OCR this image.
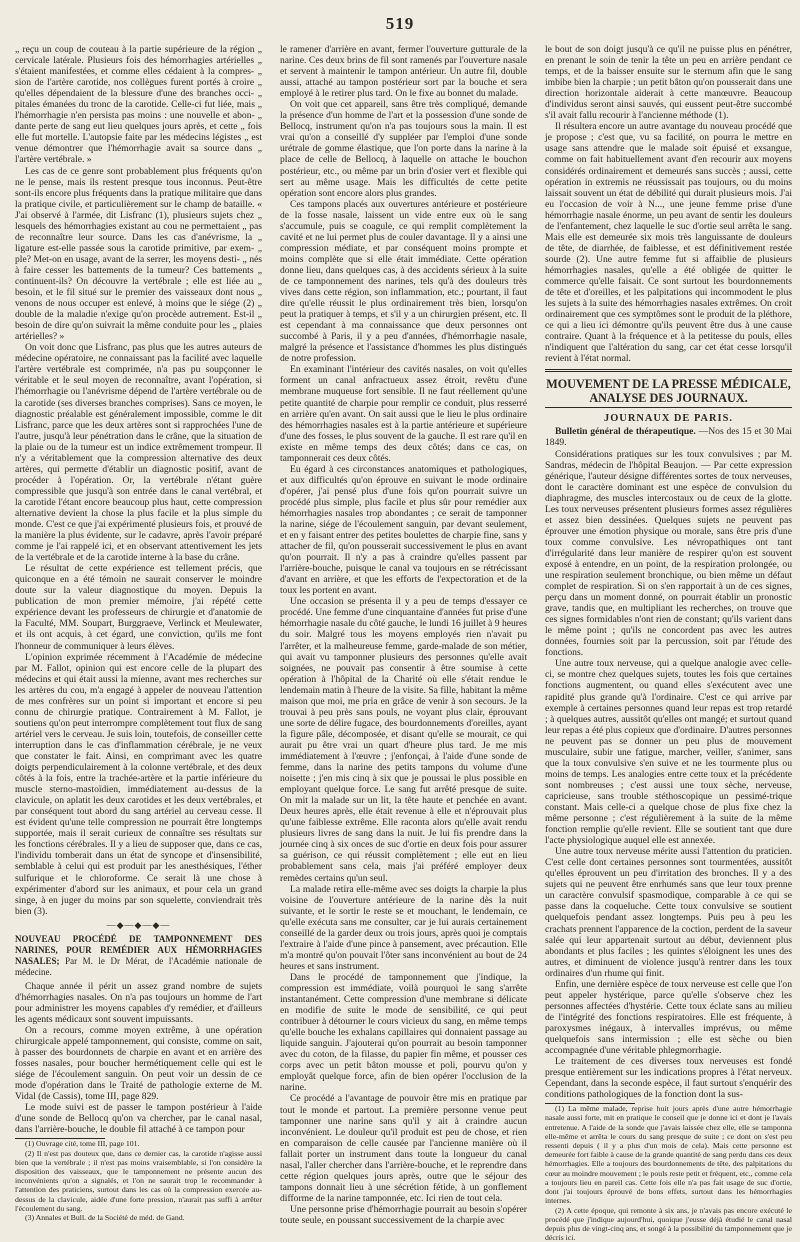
519

„ reçu un coup de couteau à la partie supérieure de la région „ cervicale latérale. Plusieurs fois des hémorrhagies artérielles „ s'étaient manifestées, et comme elles cédaient à la compres- „ sion de l'artère carotide, nos collègues furent portés à croire „ qu'elles dépendaient de la blessure d'une des branches occi- „ pitales émanées du tronc de la carotide. Celle-ci fut liée, mais „ l'hémorrhagie n'en persista pas moins : une nouvelle et abon- „ dante perte de sang eut lieu quelques jours après, et cette „ fois elle fut mortelle. L'autopsie faite par les médecins légistes „ est venue démontrer que l'hémorrhagie avait sa source dans „ l'artère vertébrale. »

Les cas de ce genre sont probablement plus fréquents qu'on ne le pense, mais ils restent presque tous inconnus. Peut-être sont-ils encore plus fréquents dans la pratique militaire que dans la pratique civile, et particulièrement sur le champ de bataille. « J'ai observé à l'armée, dit Lisfranc (1), plusieurs sujets chez „ lesquels des hémorrhagies existant au cou ne permettaient „ pas de reconnaître leur source. Dans les cas d'anévrisme, la „ ligature est-elle passée sous la carotide primitive, par exem- „ ple? Met-on en usage, avant de la serrer, les moyens desti- „ nés à faire cesser les battements de la tumeur? Ces battements „ continuent-ils? On découvre la vertébrale ; elle est liée au „ besoin, et le fil situé sur le premier des vaisseaux dont nous „ venons de nous occuper est enlevé, à moins que le siége (2) „ double de la maladie n'exige qu'on procède autrement. Est-il „ besoin de dire qu'on suivrait la même conduite pour les „ plaies artérielles? »

On voit donc que Lisfranc, pas plus que les autres auteurs de médecine opératoire, ne connaissant pas la facilité avec laquelle l'artère vertébrale est comprimée, n'a pas pu soupçonner le véritable et le seul moyen de reconnaître, avant l'opération, si l'hémorrhagie ou l'anévrisme dépend de l'artère vertébrale ou de la carotide (ses diverses branches comprises). Sans ce moyen, le diagnostic préalable est généralement impossible, comme le dit Lisfranc, parce que les deux artères sont si rapprochées l'une de l'autre, jusqu'à leur pénétration dans le crâne, que la situation de la plaie ou de la tumeur est un indice extrêmement trompeur. Il n'y a véritablement que la compression alternative des deux artères, qui permette d'établir un diagnostic positif, avant de procéder à l'opération. Or, la vertébrale n'étant guère compressible que jusqu'à son entrée dans le canal vertébral, et la carotide l'étant encore beaucoup plus haut, cette compression alternative devient la chose la plus facile et la plus simple du monde. C'est ce que j'ai expérimenté plusieurs fois, et prouvé de la manière la plus évidente, sur le cadavre, après l'avoir préparé comme je l'ai rappelé ici, et en observant attentivement les jets de la vertébrale et de la carotide interne à la base du crâne.

Le résultat de cette expérience est tellement précis, que quiconque en a été témoin ne saurait conserver le moindre doute sur la valeur diagnostique du moyen. Depuis la publication de mon premier mémoire, j'ai répété cette expérience devant les professeurs de chirurgie et d'anatomie de la Faculté, MM. Soupart, Burggraeve, Verlinck et Meulewater, et ils ont acquis, à cet égard, une conviction, qu'ils me font l'honneur de communiquer à leurs élèves.

L'opinion exprimée récemment à l'Académie de médecine par M. Fallot, opinion qui est encore celle de la plupart des médecins et qui était aussi la mienne, avant mes recherches sur les artères du cou, m'a engagé à appeler de nouveau l'attention de mes confrères sur un point si important et encore si peu connu de chirurgie pratique. Contrairement à M. Fallot, je soutiens qu'on peut interrompre complètement tout flux de sang artériel vers le cerveau. Je suis loin, toutefois, de conseiller cette interruption dans le cas d'inflammation cérébrale, je ne veux que constater le fait. Ainsi, en comprimant avec les quatre doigts perpendiculairement à la colonne vertébrale, et des deux côtés à la fois, entre la trachée-artère et la partie inférieure du muscle sterno-mastoïdien, immédiatement au-dessus de la clavicule, on aplatit les deux carotides et les deux vertébrales, et par conséquent tout abord du sang artériel au cerveau cesse. Il est évident qu'une telle compression ne pourrait être longtemps supportée, mais il serait curieux de connaître ses résultats sur les fonctions cérébrales. Il y a lieu de supposer que, dans ce cas, l'individu tomberait dans un état de syncope et d'insensibilité, semblable à celui qui est produit par les anesthésiques, l'éther sulfurique et le chloroforme. Ce serait là une chose à expérimenter d'abord sur les animaux, et pour cela un grand singe, à en juger du moins par son squelette, conviendrait très bien (3).

—◆—◆—◆—
NOUVEAU PROCÉDÉ DE TAMPONNEMENT DES NARINES, POUR REMÉDIER AUX HÉMORRHAGIES NASALES; Par M. le Dr Mérat, de l'Académie nationale de médecine.

Chaque année il périt un assez grand nombre de sujets d'hémorrhagies nasales. On n'a pas toujours un homme de l'art pour administrer les moyens capables d'y remédier, et d'ailleurs les agents médicaux sont souvent impuissants.

On a recours, comme moyen extrême, à une opération chirurgicale appelé tamponnement, qui consiste, comme on sait, à passer des bourdonnets de charpie en avant et en arrière des fosses nasales, pour boucher hermétiquement celle qui est le siége de l'écoulement sanguin. On peut voir un dessin de ce mode d'opération dans le Traité de pathologie externe de M. Vidal (de Cassis), tome III, page 829.

Le mode suivi est de passer le tampon postérieur à l'aide d'une sonde de Bellocq qu'on va chercher, par le canal nasal, dans l'arrière-bouche, le double fil attaché à ce tampon pour

(1) Ouvrage cité, tome III, page 101.

(2) Il n'est pas douteux que, dans ce dernier cas, la carotide n'agisse aussi bien que la vertébrale ; il n'est pas moins vraisemblable, si l'on considère la disposition des vaisseaux, que le tamponnement ne présente aucun des inconvénients qu'on a signalés, et l'on ne saurait trop le recommander à l'attention des praticiens, surtout dans les cas où la compression exercée au-dessus de la clavicule, aidée d'une forte pression, n'aurait pas suffi à arrêter l'écoulement du sang.

(3) Annales et Bull. de la Société de méd. de Gand.

le ramener d'arrière en avant, fermer l'ouverture gutturale de la narine. Ces deux brins de fil sont ramenés par l'ouverture nasale et servent à maintenir le tampon antérieur. Un autre fil, double aussi, attaché au tampon postérieur sort par la bouche et sera employé à le retirer plus tard. On le fixe au bonnet du malade.

On voit que cet appareil, sans être très compliqué, demande la présence d'un homme de l'art et la possession d'une sonde de Bellocq, instrument qu'on n'a pas toujours sous la main. Il est vrai qu'on a conseillé d'y suppléer par l'emploi d'une sonde urétrale de gomme élastique, que l'on porte dans la narine à la place de celle de Bellocq, à laquelle on attache le bouchon postérieur, etc., ou même par un brin d'osier vert et flexible qui sert au même usage. Mais les difficultés de cette petite opération sont encore alors plus grandes.

Ces tampons placés aux ouvertures antérieure et postérieure de la fosse nasale, laissent un vide entre eux où le sang s'accumule, puis se coagule, ce qui remplit complètement la cavité et ne lui permet plus de couler davantage. Il y a ainsi une compression médiate, et par conséquent moins prompte et moins complète que si elle était immédiate. Cette opération donne lieu, dans quelques cas, à des accidents sérieux à la suite de ce tamponnement des narines, tels qu'à des douleurs très vives dans cette région, son inflammation, etc.; pourtant, il faut dire qu'elle réussit le plus ordinairement très bien, lorsqu'on peut la pratiquer à temps, et s'il y a un chirurgien présent, etc. Il est cependant à ma connaissance que deux personnes ont succombé à Paris, il y a peu d'années, d'hémorrhagie nasale, malgré la présence et l'assistance d'hommes les plus distingués de notre profession.

En examinant l'intérieur des cavités nasales, on voit qu'elles forment un canal anfractueux assez étroit, revêtu d'une membrane muqueuse fort sensible. Il ne faut réellement qu'une petite quantité de charpie pour remplir ce conduit, plus resserré en arrière qu'en avant. On sait aussi que le lieu le plus ordinaire des hémorrhagies nasales est à la partie antérieure et supérieure d'une des fosses, le plus souvent de la gauche. Il est rare qu'il en existe en même temps des deux côtés; dans ce cas, on tamponnerait ces deux côtés.

Eu égard à ces circonstances anatomiques et pathologiques, et aux difficultés qu'on éprouve en suivant le mode ordinaire d'opérer, j'ai pensé plus d'une fois qu'on pourrait suivre un procédé plus simple, plus facile et plus sûr pour remédier aux hémorrhagies nasales trop abondantes ; ce serait de tamponner la narine, siége de l'écoulement sanguin, par devant seulement, et en y faisant entrer des petites boulettes de charpie fine, sans y attacher de fil, qu'on pousserait successivement le plus en avant qu'on pourrait. Il n'y a pas à craindre qu'elles passent par l'arrière-bouche, puisque le canal va toujours en se rétrécissant d'avant en arrière, et que les efforts de l'expectoration et de la toux les portent en avant.

Une occasion se présenta il y a peu de temps d'essayer ce procédé. Une femme d'une cinquantaine d'années fut prise d'une hémorrhagie nasale du côté gauche, le lundi 16 juillet à 9 heures du soir. Malgré tous les moyens employés rien n'avait pu l'arrêter, et la malheureuse femme, garde-malade de son métier, qui avait vu tamponner plusieurs des personnes qu'elle avait soignées, ne pouvait pas consentir à être soumise à cette opération à l'hôpital de la Charité où elle s'était rendue le lendemain matin à l'heure de la visite. Sa fille, habitant la même maison que moi, me pria en grâce de venir à son secours. Je la trouvai à peu près sans pouls, ne voyant plus clair, éprouvant une sorte de délire fugace, des bourdonnements d'oreilles, ayant la figure pâle, décomposée, et disant qu'elle se mourait, ce qui aurait pu être vrai un quart d'heure plus tard. Je me mis immédiatement à l'œuvre ; j'enfonçai, à l'aide d'une sonde de femme, dans la narine des petits tampons du volume d'une noisette ; j'en mis cinq à six que je poussai le plus possible en employant quelque force. Le sang fut arrêté presque de suite. On mit la malade sur un lit, la tête haute et penchée en avant. Deux heures après, elle était revenue à elle et n'éprouvait plus qu'une faiblesse extrême. Elle raconta alors qu'elle avait rendu plusieurs livres de sang dans la nuit. Je lui fis prendre dans la journée cinq à six onces de suc d'ortie en deux fois pour assurer sa guérison, ce qui réussit complètement ; elle eut en lieu probablement sans cela, mais j'ai préféré employer deux remèdes certains qu'un seul.

La malade retira elle-même avec ses doigts la charpie la plus voisine de l'ouverture antérieure de la narine dès la nuit suivante, et le sortir le reste se et mouchant, le lendemain, ce qu'elle exécuta sans me consulter, car je lui aurais certainement conseillé de la garder deux ou trois jours, après quoi je comptais l'extraire à l'aide d'une pince à pansement, avec précaution. Elle m'a montré qu'on pouvait l'ôter sans inconvénient au bout de 24 heures et sans instrument.

Dans le procédé de tamponnement que j'indique, la compression est immédiate, voilà pourquoi le sang s'arrête instantanément. Cette compression d'une membrane si délicate en modifie de suite le mode de sensibilité, ce qui peut contribuer à détourner le cours vicieux du sang, en même temps qu'elle bouche les exhalans capillaires qui donnaient passage au liquide sanguin. J'ajouterai qu'on pourrait au besoin tamponner avec du coton, de la filasse, du papier fin même, et pousser ces corps avec un petit bâton mousse et poli, pourvu qu'on y employât quelque force, afin de bien opérer l'occlusion de la narine.

Ce procédé a l'avantage de pouvoir être mis en pratique par tout le monde et partout. La première personne venue peut tamponner une narine sans qu'il y ait à craindre aucun inconvénient. Le douleur qu'il produit est peu de chose, et rien en comparaison de celle causée par l'ancienne manière où il fallait porter un instrument dans toute la longueur du canal nasal, l'aller chercher dans l'arrière-bouche, et le reprendre dans cette région quelques jours après, outre que le séjour des tampons donnait lieu à une sécrétion fétide, à un gonflement difforme de la narine tamponnée, etc. Ici rien de tout cela.

Une personne prise d'hémorrhagie pourrait au besoin s'opérer toute seule, en poussant successivement de la charpie avec

le bout de son doigt jusqu'à ce qu'il ne puisse plus en pénétrer, en prenant le soin de tenir la tête un peu en arrière pendant ce temps, et de la baisser ensuite sur le sternum afin que le sang imbibe bien la charpie ; un petit bâton qu'on pousserait dans une direction horizontale aiderait à cette manœuvre. Beaucoup d'individus seront ainsi sauvés, qui eussent peut-être succombé s'il avait fallu recourir à l'ancienne méthode (1).

Il résultera encore un autre avantage du nouveau procédé que je propose ; c'est que, vu sa facilité, on pourra le mettre en usage sans attendre que le malade soit épuisé et exsangue, comme on fait habituellement avant d'en recourir aux moyens considérés ordinairement et demeurés sans succès ; aussi, cette opération in extremis ne réussissait pas toujours, ou du moins laissait souvent un état de débilité qui durait plusieurs mois. J'ai eu l'occasion de voir à N..., une jeune femme prise d'une hémorrhagie nasale énorme, un peu avant de sentir les douleurs de l'enfantement, chez laquelle le suc d'ortie seul arrêta le sang. Mais elle est demeurée six mois très languissante de douleurs de tête, de diarrhée, de faiblesse, et est définitivement restée sourde (2). Une autre femme fut si affaiblie de plusieurs hémorrhagies nasales, qu'elle a été obligée de quitter le commerce qu'elle faisait. Ce sont surtout les bourdonnements de tête et d'oreilles, et les palpitations qui incommodent le plus les sujets à la suite des hémorrhagies nasales extrêmes. On croit ordinairement que ces symptômes sont le produit de la pléthore, ce qui a lieu ici démontre qu'ils peuvent être dus à une cause contraire. Quant à la fréquence et à la petitesse du pouls, elles n'indiquent que l'altération du sang, car cet état cesse lorsqu'il revient à l'état normal.

MOUVEMENT DE LA PRESSE MÉDICALE, ANALYSE DES JOURNAUX.
JOURNAUX DE PARIS.

Bulletin général de thérapeutique. —Nos des 15 et 30 Mai 1849.

Considérations pratiques sur les toux convulsives ; par M. Sandras, médecin de l'hôpital Beaujon. — Par cette expression générique, l'auteur désigne différentes sortes de toux nerveuses, dont le caractère dominant est une espèce de convulsion du diaphragme, des muscles intercostaux ou de ceux de la glotte. Les toux nerveuses présentent plusieurs formes assez régulières et assez bien dessinées. Quelques sujets ne peuvent pas éprouver une émotion physique ou morale, sans être pris d'une toux comme convulsive. Les névropathiques ont tant d'irrégularité dans leur manière de respirer qu'on est souvent exposé à entendre, en un point, de la respiration prolongée, ou une respiration seulement bronchique, ou bien même un défaut complet de respiration. Si on s'en rapportait à un de ces signes, perçu dans un moment donné, on pourrait établir un pronostic grave, tandis que, en multipliant les recherches, on trouve que ces signes formidables n'ont rien de constant; qu'ils varient dans le même point ; qu'ils ne concordent pas avec les autres données, fournies soit par la percussion, soit par l'étude des fonctions.

Une autre toux nerveuse, qui a quelque analogie avec celle-ci, se montre chez quelques sujets, toutes les fois que certaines fonctions augmentent, ou quand elles s'exécutent avec une rapidité plus grande qu'à l'ordinaire. C'est ce qui arrive par exemple à certaines personnes quand leur repas est trop retardé ; à quelques autres, aussitôt qu'elles ont mangé; et surtout quand leur repas a été plus copieux que d'ordinaire. D'autres personnes ne peuvent pas se donner un peu plus de mouvement musculaire, subir une fatigue, marcher, veiller, s'animer, sans que la toux convulsive s'en suive et ne les tourmente plus ou moins de temps. Les analogies entre cette toux et la précédente sont nombreuses ; c'est aussi une toux sèche, nerveuse, capricieuse, sans trouble stéthoscopique un pessimé-trique constant. Mais celle-ci a quelque chose de plus fixe chez la même personne ; c'est régulièrement à la suite de la même fonction remplie qu'elle revient. Elle se soutient tant que dure l'acte physiologique auquel elle est annexée.

Une autre toux nerveuse mérite aussi l'attention du praticien. C'est celle dont certaines personnes sont tourmentées, aussitôt qu'elles éprouvent un peu d'irritation des bronches. Il y a des sujets qui ne peuvent être enrhumés sans que leur toux prenne un caractère convulsif spasmodique, comparable à ce qui se passe dans la coqueluche. Cette toux convulsive se soutient quelquefois pendant assez longtemps. Puis peu à peu les crachats prennent l'apparence de la coction, perdent de la saveur salée qui leur appartenait surtout au début, deviennent plus abondants et plus faciles ; les quintes s'éloignent les unes des autres, et diminuent de violence jusqu'à rentrer dans les toux ordinaires d'un rhume qui finit.

Enfin, une dernière espèce de toux nerveuse est celle que l'on peut appeler hystérique, parce qu'elle s'observe chez les personnes affectées d'hystérie. Cette toux éclate sans au milieu de l'intégrité des fonctions respiratoires. Elle est fréquente, à paroxysmes inégaux, à intervalles imprévus, ou même quelquefois sans intermission ; elle est sèche ou bien accompagnée d'une véritable phlegmorrhagie.

Le traitement de ces diverses toux nerveuses est fondé presque entièrement sur les indications propres à l'état nerveux. Cependant, dans la seconde espèce, il faut surtout s'enquérir des conditions pathologiques de la fonction dont la sus-

(1) La même malade, reprise huit jours après d'une autre hémorrhagie nasale aussi forte, mit en pratique le conseil que je donne ici et dont je l'avais entretenue. A l'aide de la sonde que j'avais laissée chez elle, elle se tamponna elle-même et arrêta le cours du sang presque de suite ; ce dont on s'est peu ressenti depuis ( il y a plus d'un mois de cela). Mais cette personne est demeurée fort faible à cause de la grande quantité de sang perdu dans ces deux hémorrhagies. Elle a toujours des bourdonnements de tête, des palpitations du cœur au moindre mouvement ; le pouls reste petit et fréquent, etc., comme cela a toujours lieu en pareil cas. Cette fois elle n'a pas fait usage de suc d'ortie, dont j'ai toujours éprouvé de bons effets, surtout dans les hémorrhagies internes.

(2) A cette époque, qui remonte à six ans, je n'avais pas encore exécuté le procédé que j'indique aujourd'hui, quoique j'eusse déjà étudié le canal nasal depuis plus de vingt-cinq ans, et songé à la possibilité du tamponnement que je décris ici.
